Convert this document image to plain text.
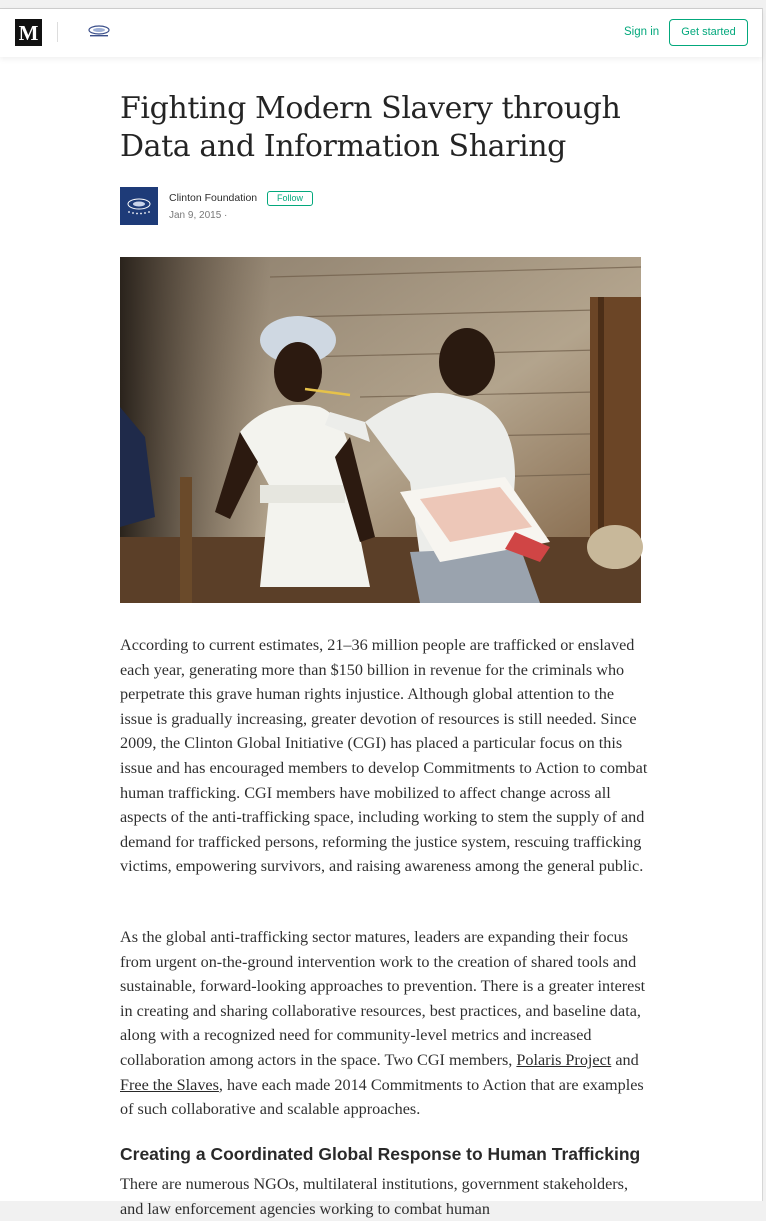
M	Sign in	Get started
Fighting Modern Slavery through Data and Information Sharing
Clinton Foundation	Follow
Jan 9, 2015 ·

According to current estimates, 21–36 million people are trafficked or enslaved each year, generating more than $150 billion in revenue for the criminals who perpetrate this grave human rights injustice. Although global attention to the issue is gradually increasing, greater devotion of resources is still needed. Since 2009, the Clinton Global Initiative (CGI) has placed a particular focus on this issue and has encouraged members to develop Commitments to Action to combat human trafficking. CGI members have mobilized to affect change across all aspects of the anti-trafficking space, including working to stem the supply of and demand for trafficked persons, reforming the justice system, rescuing trafficking victims, empowering survivors, and raising awareness among the general public.

As the global anti-trafficking sector matures, leaders are expanding their focus from urgent on-the-ground intervention work to the creation of shared tools and sustainable, forward-looking approaches to prevention. There is a greater interest in creating and sharing collaborative resources, best practices, and baseline data, along with a recognized need for community-level metrics and increased collaboration among actors in the space. Two CGI members, Polaris Project and Free the Slaves, have each made 2014 Commitments to Action that are examples of such collaborative and scalable approaches.

Creating a Coordinated Global Response to Human Trafficking

There are numerous NGOs, multilateral institutions, government stakeholders, and law enforcement agencies working to combat human
